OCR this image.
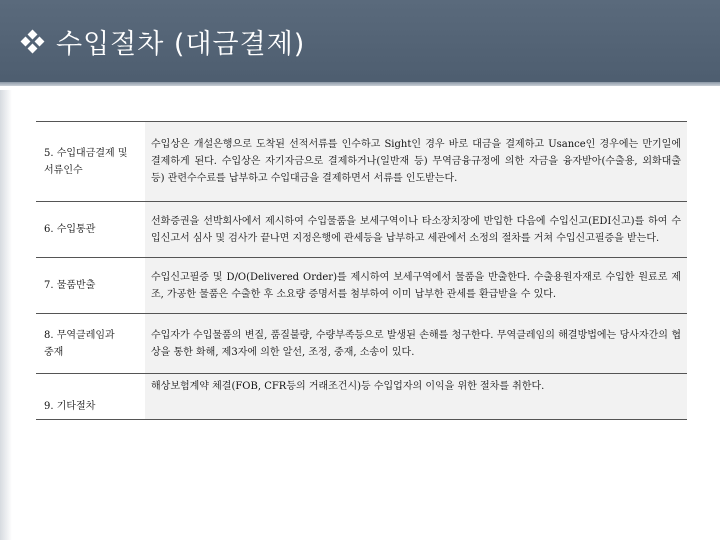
수입절차 (대금결제)
5. 수입대금결제 및
서류인수	수입상은 개설은행으로 도착된 선적서류를 인수하고 Sight인 경우 바로 대금을 결제하고 Usance인 경우에는 만기일에 결제하게 된다. 수입상은 자기자금으로 결제하거나(일반재 등) 무역금융규정에 의한 자금을 융자받아(수출용, 외화대출 등) 관련수수료를 납부하고 수입대금을 결제하면서 서류를 인도받는다.
6. 수입통관	선화증권을 선박회사에서 제시하여 수입물품을 보세구역이나 타소장치장에 반입한 다음에 수입신고(EDI신고)를 하여 수입신고서 심사 및 검사가 끝나면 지정은행에 관세등을 납부하고 세관에서 소정의 절차를 거쳐 수입신고필증을 받는다.
7. 물품반출	수입신고필증 및 D/O(Delivered Order)를 제시하여 보세구역에서 물품을 반출한다. 수출용원자재로 수입한 원료로 제조, 가공한 물품은 수출한 후 소요량 증명서를 첨부하여 이미 납부한 관세를 환급받을 수 있다.
8. 무역클레임과
중재	수입자가 수입물품의 변질, 품질불량, 수량부족등으로 발생된 손해를 청구한다. 무역클레임의 해결방법에는 당사자간의 협상을 통한 화해, 제3자에 의한 알선, 조정, 중재, 소송이 있다.
9. 기타절차	해상보험계약 체결(FOB, CFR등의 거래조건시)등 수입업자의 이익을 위한 절차를 취한다.
